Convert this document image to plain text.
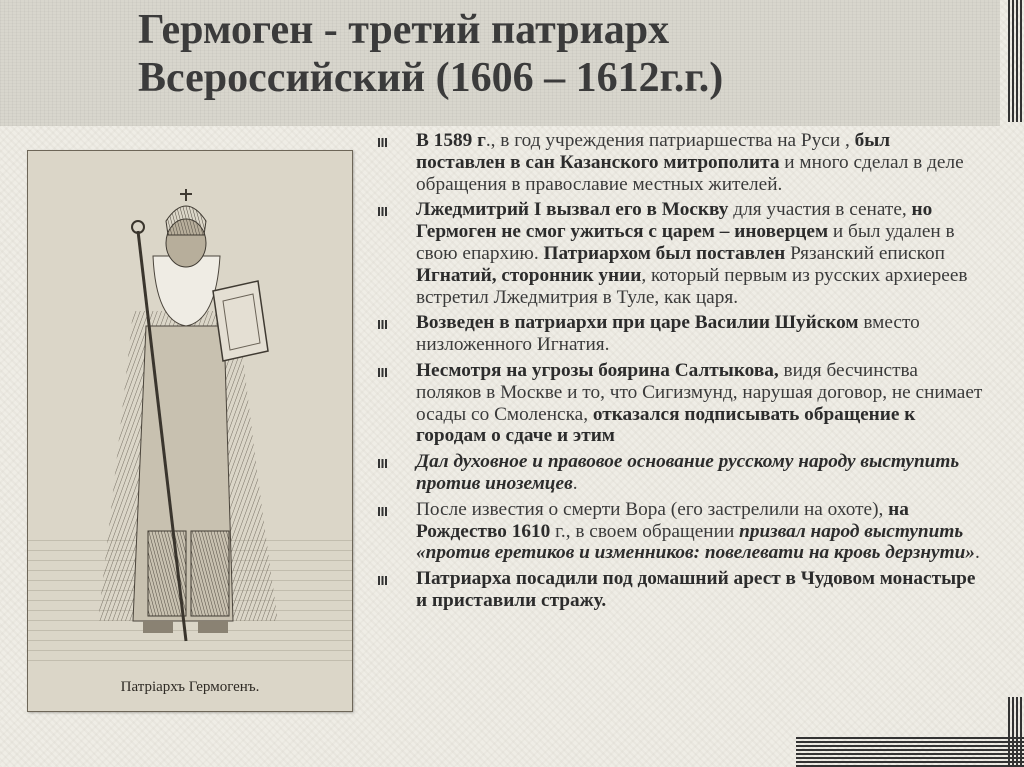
Гермоген - третий патриарх
Всероссийский (1606 – 1612г.г.)
Патрiархъ Гермогенъ.
В 1589 г., в год учреждения патриаршества на Руси , был поставлен в сан Казанского митрополита и много сделал в деле обращения в православие местных жителей.
Лжедмитрий I вызвал его в Москву для участия в сенате, но Гермоген не смог ужиться с царем – иноверцем и был удален в свою епархию. Патриархом был поставлен Рязанский епископ Игнатий, сторонник унии, который первым из русских архиереев встретил Лжедмитрия в Туле, как царя.
Возведен в патриархи при царе Василии Шуйском вместо низложенного Игнатия.
Несмотря на угрозы боярина Салтыкова, видя бесчинства поляков в Москве и то, что Сигизмунд, нарушая договор, не снимает осады со Смоленска, отказался подписывать обращение к городам о сдаче и этим
Дал духовное и правовое основание русскому народу выступить против иноземцев.
После известия о смерти Вора (его застрелили на охоте), на Рождество 1610 г., в своем обращении призвал народ выступить «против еретиков и изменников: повелевати на кровь дерзнути».
Патриарха посадили под домашний арест в Чудовом монастыре и приставили стражу.
